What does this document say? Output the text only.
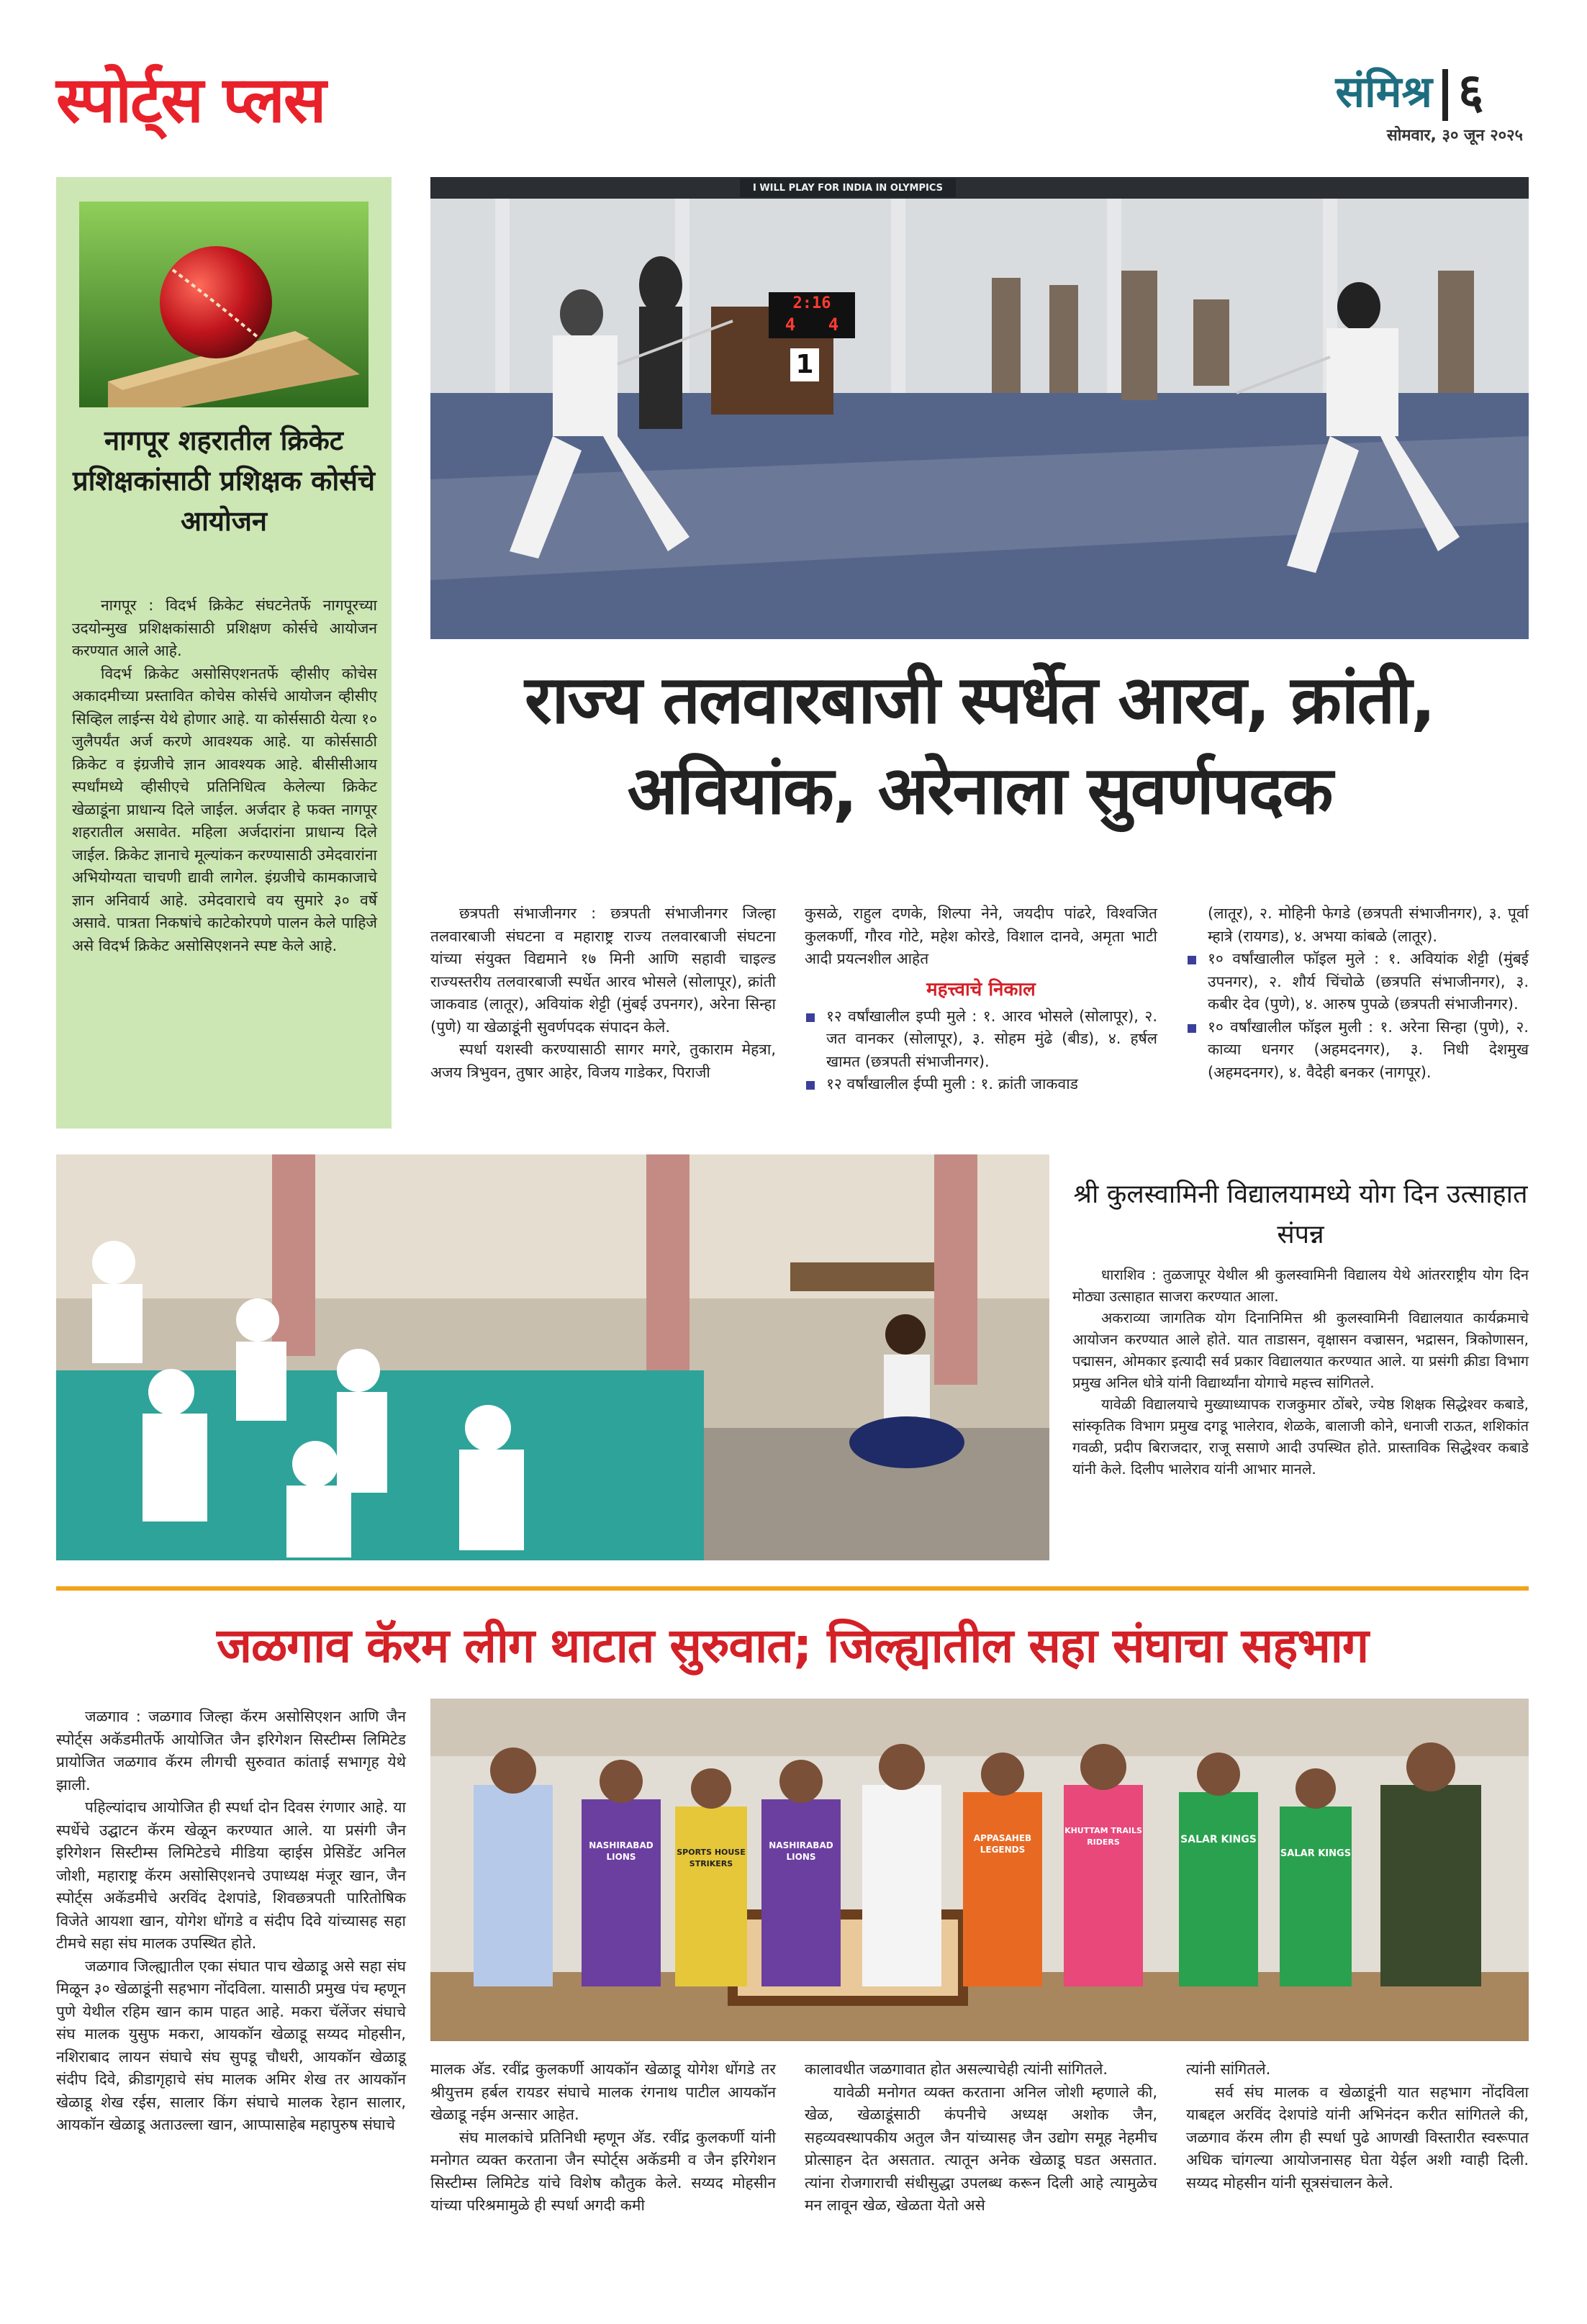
स्पोर्ट्स प्लस	संमिश्र ६
सोमवार, ३० जून २०२५
नागपूर शहरातील क्रिकेट प्रशिक्षकांसाठी प्रशिक्षक कोर्सचे आयोजन

नागपूर : विदर्भ क्रिकेट संघटनेतर्फे नागपूरच्या उदयोन्मुख प्रशिक्षकांसाठी प्रशिक्षण कोर्सचे आयोजन करण्यात आले आहे.

विदर्भ क्रिकेट असोसिएशनतर्फे व्हीसीए कोचेस अकादमीच्या प्रस्तावित कोचेस कोर्सचे आयोजन व्हीसीए सिव्हिल लाईन्स येथे होणार आहे. या कोर्ससाठी येत्या १० जुलैपर्यंत अर्ज करणे आवश्यक आहे. या कोर्ससाठी क्रिकेट व इंग्रजीचे ज्ञान आवश्यक आहे. बीसीसीआय स्पर्धांमध्ये व्हीसीएचे प्रतिनिधित्व केलेल्या क्रिकेट खेळाडूंना प्राधान्य दिले जाईल. अर्जदार हे फक्त नागपूर शहरातील असावेत. महिला अर्जदारांना प्राधान्य दिले जाईल. क्रिकेट ज्ञानाचे मूल्यांकन करण्यासाठी उमेदवारांना अभियोग्यता चाचणी द्यावी लागेल. इंग्रजीचे कामकाजाचे ज्ञान अनिवार्य आहे. उमेदवाराचे वय सुमारे ३० वर्षे असावे. पात्रता निकषांचे काटेकोरपणे पालन केले पाहिजे असे विदर्भ क्रिकेट असोसिएशनने स्पष्ट केले आहे.

I WILL PLAY FOR INDIA IN OLYMPICS
2:16
4	4
1
राज्य तलवारबाजी स्पर्धेत आरव, क्रांती,
अवियांक, अरेनाला सुवर्णपदक

छत्रपती संभाजीनगर : छत्रपती संभाजीनगर जिल्हा तलवारबाजी संघटना व महाराष्ट्र राज्य तलवारबाजी संघटना यांच्या संयुक्त विद्यमाने १७ मिनी आणि सहावी चाइल्ड राज्यस्तरीय तलवारबाजी स्पर्धेत आरव भोसले (सोलापूर), क्रांती जाकवाड (लातूर), अवियांक शेट्टी (मुंबई उपनगर), अरेना सिन्हा (पुणे) या खेळाडूंनी सुवर्णपदक संपादन केले.

स्पर्धा यशस्वी करण्यासाठी सागर मगरे, तुकाराम मेहत्रा, अजय त्रिभुवन, तुषार आहेर, विजय गाडेकर, पिराजी

कुसळे, राहुल दणके, शिल्पा नेने, जयदीप पांढरे, विश्वजित कुलकर्णी, गौरव गोटे, महेश कोरडे, विशाल दानवे, अमृता भाटी आदी प्रयत्नशील आहेत

महत्त्वाचे निकाल
१२ वर्षांखालील इप्पी मुले : १. आरव भोसले (सोलापूर), २. जत वानकर (सोलापूर), ३. सोहम मुंढे (बीड), ४. हर्षल खामत (छत्रपती संभाजीनगर).
१२ वर्षांखालील ईप्पी मुली : १. क्रांती जाकवाड

(लातूर), २. मोहिनी फेगडे (छत्रपती संभाजीनगर), ३. पूर्वा म्हात्रे (रायगड), ४. अभया कांबळे (लातूर).

१० वर्षांखालील फॉइल मुले : १. अवियांक शेट्टी (मुंबई उपनगर), २. शौर्य चिंचोळे (छत्रपति संभाजीनगर), ३. कबीर देव (पुणे), ४. आरुष पुपळे (छत्रपती संभाजीनगर).
१० वर्षांखालील फॉइल मुली : १. अरेना सिन्हा (पुणे), २. काव्या धनगर (अहमदनगर), ३. निधी देशमुख (अहमदनगर), ४. वैदेही बनकर (नागपूर).
श्री कुलस्वामिनी विद्यालयामध्ये योग दिन उत्साहात संपन्न

धाराशिव : तुळजापूर येथील श्री कुलस्वामिनी विद्यालय येथे आंतरराष्ट्रीय योग दिन मोठ्या उत्साहात साजरा करण्यात आला.

अकराव्या जागतिक योग दिनानिमित्त श्री कुलस्वामिनी विद्यालयात कार्यक्रमाचे आयोजन करण्यात आले होते. यात ताडासन, वृक्षासन वज्रासन, भद्रासन, त्रिकोणासन, पद्मासन, ओमकार इत्यादी सर्व प्रकार विद्यालयात करण्यात आले. या प्रसंगी क्रीडा विभाग प्रमुख अनिल धोत्रे यांनी विद्यार्थ्यांना योगाचे महत्त्व सांगितले.

यावेळी विद्यालयाचे मुख्याध्यापक राजकुमार ठोंबरे, ज्येष्ठ शिक्षक सिद्धेश्वर कबाडे, सांस्कृतिक विभाग प्रमुख दगडू भालेराव, शेळके, बालाजी कोने, धनाजी राऊत, शशिकांत गवळी, प्रदीप बिराजदार, राजू ससाणे आदी उपस्थित होते. प्रास्ताविक सिद्धेश्वर कबाडे यांनी केले. दिलीप भालेराव यांनी आभार मानले.

जळगाव कॅरम लीग थाटात सुरुवात; जिल्ह्यातील सहा संघाचा सहभाग

जळगाव : जळगाव जिल्हा कॅरम असोसिएशन आणि जैन स्पोर्ट्स अकॅडमीतर्फे आयोजित जैन इरिगेशन सिस्टीम्स लिमिटेड प्रायोजित जळगाव कॅरम लीगची सुरुवात कांताई सभागृह येथे झाली.

पहिल्यांदाच आयोजित ही स्पर्धा दोन दिवस रंगणार आहे. या स्पर्धेचे उद्घाटन कॅरम खेळून करण्यात आले. या प्रसंगी जैन इरिगेशन सिस्टीम्स लिमिटेडचे मीडिया व्हाईस प्रेसिडेंट अनिल जोशी, महाराष्ट्र कॅरम असोसिएशनचे उपाध्यक्ष मंजूर खान, जैन स्पोर्ट्स अकॅडमीचे अरविंद देशपांडे, शिवछत्रपती पारितोषिक विजेते आयशा खान, योगेश धोंगडे व संदीप दिवे यांच्यासह सहा टीमचे सहा संघ मालक उपस्थित होते.

जळगाव जिल्ह्यातील एका संघात पाच खेळाडू असे सहा संघ मिळून ३० खेळाडूंनी सहभाग नोंदविला. यासाठी प्रमुख पंच म्हणून पुणे येथील रहिम खान काम पाहत आहे. मकरा चॅलेंजर संघाचे संघ मालक युसुफ मकरा, आयकॉन खेळाडू सय्यद मोहसीन, नशिराबाद लायन संघाचे संघ सुपडू चौधरी, आयकॉन खेळाडू संदीप दिवे, क्रीडागृहाचे संघ मालक अमिर शेख तर आयकॉन खेळाडू शेख रईस, सालार किंग संघाचे मालक रेहान सालार, आयकॉन खेळाडू अताउल्ला खान, आप्पासाहेब महापुरुष संघाचे

NASHIRABAD LIONS	SPORTS HOUSE STRIKERS
NASHIRABAD LIONS
APPASAHEB LEGENDS
KHUTTAM TRAILS RIDERS	SALAR KINGS
SALAR KINGS

मालक अ‍ॅड. रवींद्र कुलकर्णी आयकॉन खेळाडू योगेश धोंगडे तर श्रीयुत्तम हर्बल रायडर संघाचे मालक रंगनाथ पाटील आयकॉन खेळाडू नईम अन्सार आहेत.

संघ मालकांचे प्रतिनिधी म्हणून अ‍ॅड. रवींद्र कुलकर्णी यांनी मनोगत व्यक्त करताना जैन स्पोर्ट्स अकॅडमी व जैन इरिगेशन सिस्टीम्स लिमिटेड यांचे विशेष कौतुक केले. सय्यद मोहसीन यांच्या परिश्रमामुळे ही स्पर्धा अगदी कमी

कालावधीत जळगावात होत असल्याचेही त्यांनी सांगितले.

यावेळी मनोगत व्यक्त करताना अनिल जोशी म्हणाले की, खेळ, खेळाडूंसाठी कंपनीचे अध्यक्ष अशोक जैन, सहव्यवस्थापकीय अतुल जैन यांच्यासह जैन उद्योग समूह नेहमीच प्रोत्साहन देत असतात. त्यातून अनेक खेळाडू घडत असतात. त्यांना रोजगाराची संधीसुद्धा उपलब्ध करून दिली आहे त्यामुळेच मन लावून खेळ, खेळता येतो असे

त्यांनी सांगितले.

सर्व संघ मालक व खेळाडूंनी यात सहभाग नोंदविला याबद्दल अरविंद देशपांडे यांनी अभिनंदन करीत सांगितले की, जळगाव कॅरम लीग ही स्पर्धा पुढे आणखी विस्तारीत स्वरूपात अधिक चांगल्या आयोजनासह घेता येईल अशी ग्वाही दिली. सय्यद मोहसीन यांनी सूत्रसंचालन केले.
